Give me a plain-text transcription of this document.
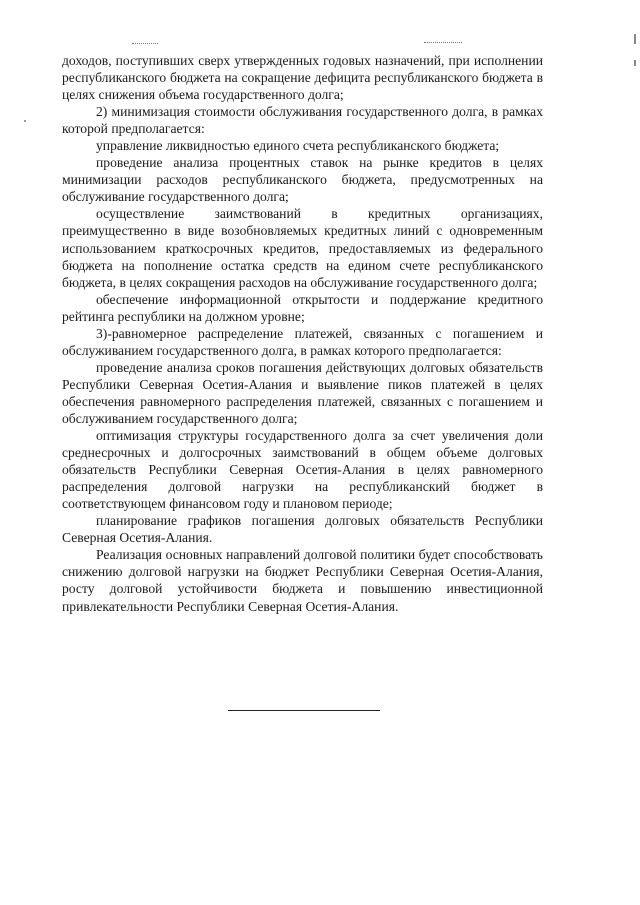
доходов, поступивших сверх утвержденных годовых назначений, при исполнении республиканского бюджета на сокращение дефицита республиканского бюджета в целях снижения объема государственного долга;

2) минимизация стоимости обслуживания государственного долга, в рамках которой предполагается:

управление ликвидностью единого счета республиканского бюджета;

проведение анализа процентных ставок на рынке кредитов в целях минимизации расходов республиканского бюджета, предусмотренных на обслуживание государственного долга;

осуществление заимствований в кредитных организациях, преимущественно в виде возобновляемых кредитных линий с одновременным использованием краткосрочных кредитов, предоставляемых из федерального бюджета на пополнение остатка средств на едином счете республиканского бюджета, в целях сокращения расходов на обслуживание государственного долга;

обеспечение информационной открытости и поддержание кредитного рейтинга республики на должном уровне;

3)-равномерное распределение платежей, связанных с погашением и обслуживанием государственного долга, в рамках которого предполагается:

проведение анализа сроков погашения действующих долговых обязательств Республики Северная Осетия-Алания и выявление пиков платежей в целях обеспечения равномерного распределения платежей, связанных с погашением и обслуживанием государственного долга;

оптимизация структуры государственного долга за счет увеличения доли среднесрочных и долгосрочных заимствований в общем объеме долговых обязательств Республики Северная Осетия-Алания в целях равномерного распределения долговой нагрузки на республиканский бюджет в соответствующем финансовом году и плановом периоде;

планирование графиков погашения долговых обязательств Республики Северная Осетия-Алания.

Реализация основных направлений долговой политики будет способствовать снижению долговой нагрузки на бюджет Республики Северная Осетия-Алания, росту долговой устойчивости бюджета и повышению инвестиционной привлекательности Республики Северная Осетия-Алания.
